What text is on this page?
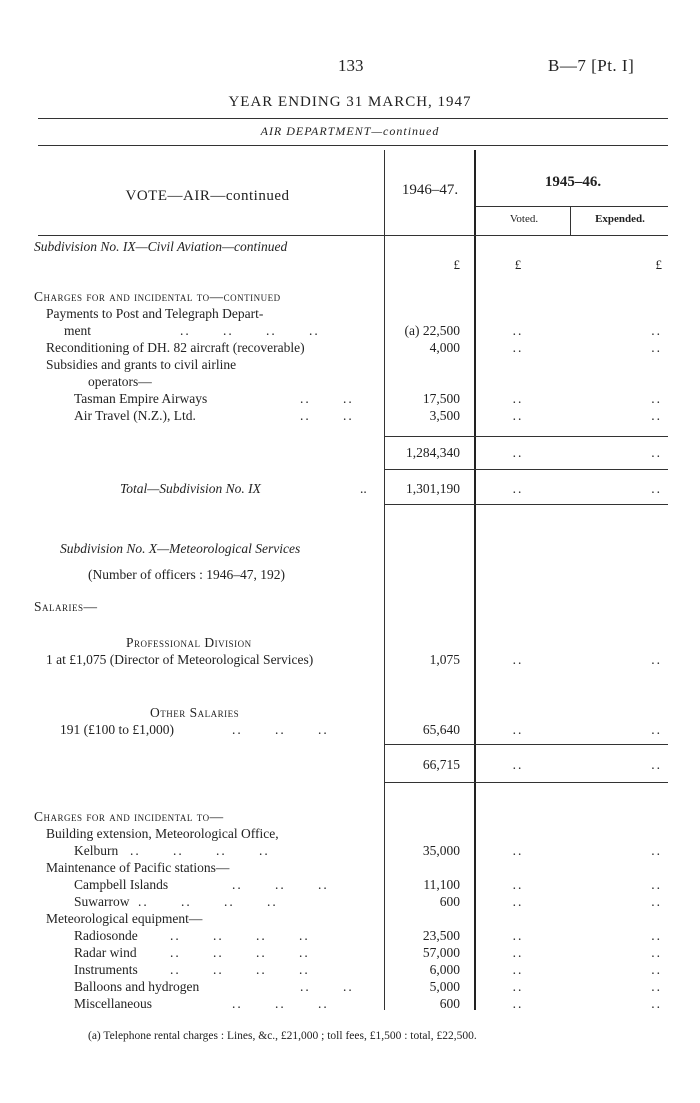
133	B—7 [Pt. I]
YEAR ENDING 31 MARCH, 1947
AIR DEPARTMENT—continued
VOTE—AIR—continued	1946–47.	1945–46.
Voted.	Expended.
Subdivision No. IX—Civil Aviation—continued
£	£	£
Charges for and incidental to—continued
Payments to Post and Telegraph Depart-
ment	(a) 22,500	..	..
Reconditioning of DH. 82 aircraft (recoverable)	4,000	..	..
Subsidies and grants to civil airline
operators—
Tasman Empire Airways	17,500	..	..
Air Travel (N.Z.), Ltd.	3,500	..	..
1,284,340	..	..
Total—Subdivision No. IX	..	1,301,190	..	..
Subdivision No. X—Meteorological Services
(Number of officers : 1946–47, 192)
Salaries—
Professional Division
1 at £1,075 (Director of Meteorological Services)	1,075	..	..
Other Salaries
191 (£100 to £1,000)	..      ..      ..	65,640	..	..
66,715	..	..
Charges for and incidental to—
Building extension, Meteorological Office,
Kelburn	35,000	..	..
Maintenance of Pacific stations—
Campbell Islands	11,100	..	..
Suwarrow	600	..	..
Meteorological equipment—
Radiosonde	23,500	..	..
Radar wind	57,000	..	..
Instruments	6,000	..	..
Balloons and hydrogen	5,000	..	..
Miscellaneous	600	..	..
..      ..      ..      ..
..      ..
..      ..
..      ..      ..      ..
..      ..      ..
..      ..      ..      ..
..      ..      ..      ..
..      ..      ..      ..
..      ..      ..      ..
..      ..
..      ..      ..
(a) Telephone rental charges : Lines, &c., £21,000 ; toll fees, £1,500 : total, £22,500.
